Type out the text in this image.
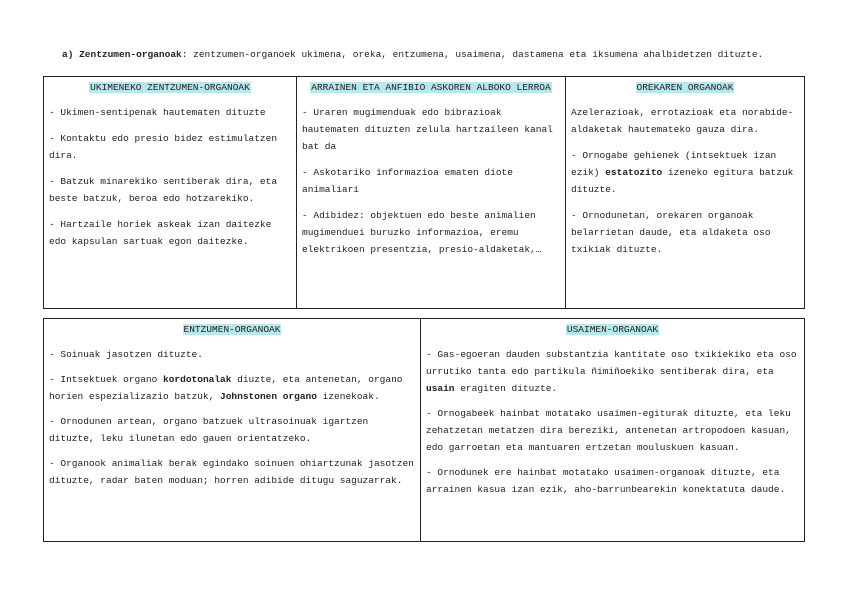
a) Zentzumen-organoak: zentzumen-organoek ukimena, oreka, entzumena, usaimena, dastamena eta iksumena ahalbidetzen dituzte.
UKIMENEKO ZENTZUMEN-ORGANOAK

- Ukimen-sentipenak hautematen dituzte

- Kontaktu edo presio bidez estimulatzen dira.

- Batzuk minarekiko sentiberak dira, eta beste batzuk, beroa edo hotzarekiko.

- Hartzaile horiek askeak izan daitezke edo kapsulan sartuak egon daitezke.

ARRAINEN ETA ANFIBIO ASKOREN ALBOKO LERROA

- Uraren mugimenduak edo bibrazioak hautematen dituzten zelula hartzaileen kanal bat da

- Askotariko informazioa ematen diote animaliari

- Adibidez: objektuen edo beste animalien mugimenduei buruzko informazioa, eremu elektrikoen presentzia, presio-aldaketak,…

OREKAREN ORGANOAK

Azelerazioak, errotazioak eta norabide-aldaketak hautemateko gauza dira.

- Ornogabe gehienek (intsektuek izan ezik) estatozito izeneko egitura batzuk dituzte.

- Ornodunetan, orekaren organoak belarrietan daude, eta aldaketa oso txikiak dituzte.

ENTZUMEN-ORGANOAK

- Soinuak jasotzen dituzte.

- Intsektuek organo kordotonalak diuzte, eta antenetan, organo horien espezializazio batzuk, Johnstonen organo izenekoak.

- Ornodunen artean, organo batzuek ultrasoinuak igartzen dituzte, leku ilunetan edo gauen orientatzeko.

- Organook animaliak berak egindako soinuen ohiartzunak jasotzen dituzte, radar baten moduan; horren adibide ditugu saguzarrak.

USAIMEN-ORGANOAK

- Gas-egoeran dauden substantzia kantitate oso txikiekiko eta oso urrutiko tanta edo partikula ñimiñoekiko sentiberak dira, eta usain eragiten dituzte.

- Ornogabeek hainbat motatako usaimen-egiturak dituzte, eta leku zehatzetan metatzen dira bereziki, antenetan artropodoen kasuan, edo garroetan eta mantuaren ertzetan mouluskuen kasuan.

- Ornodunek ere hainbat motatako usaimen-organoak dituzte, eta arrainen kasua izan ezik, aho-barrunbearekin konektatuta daude.
